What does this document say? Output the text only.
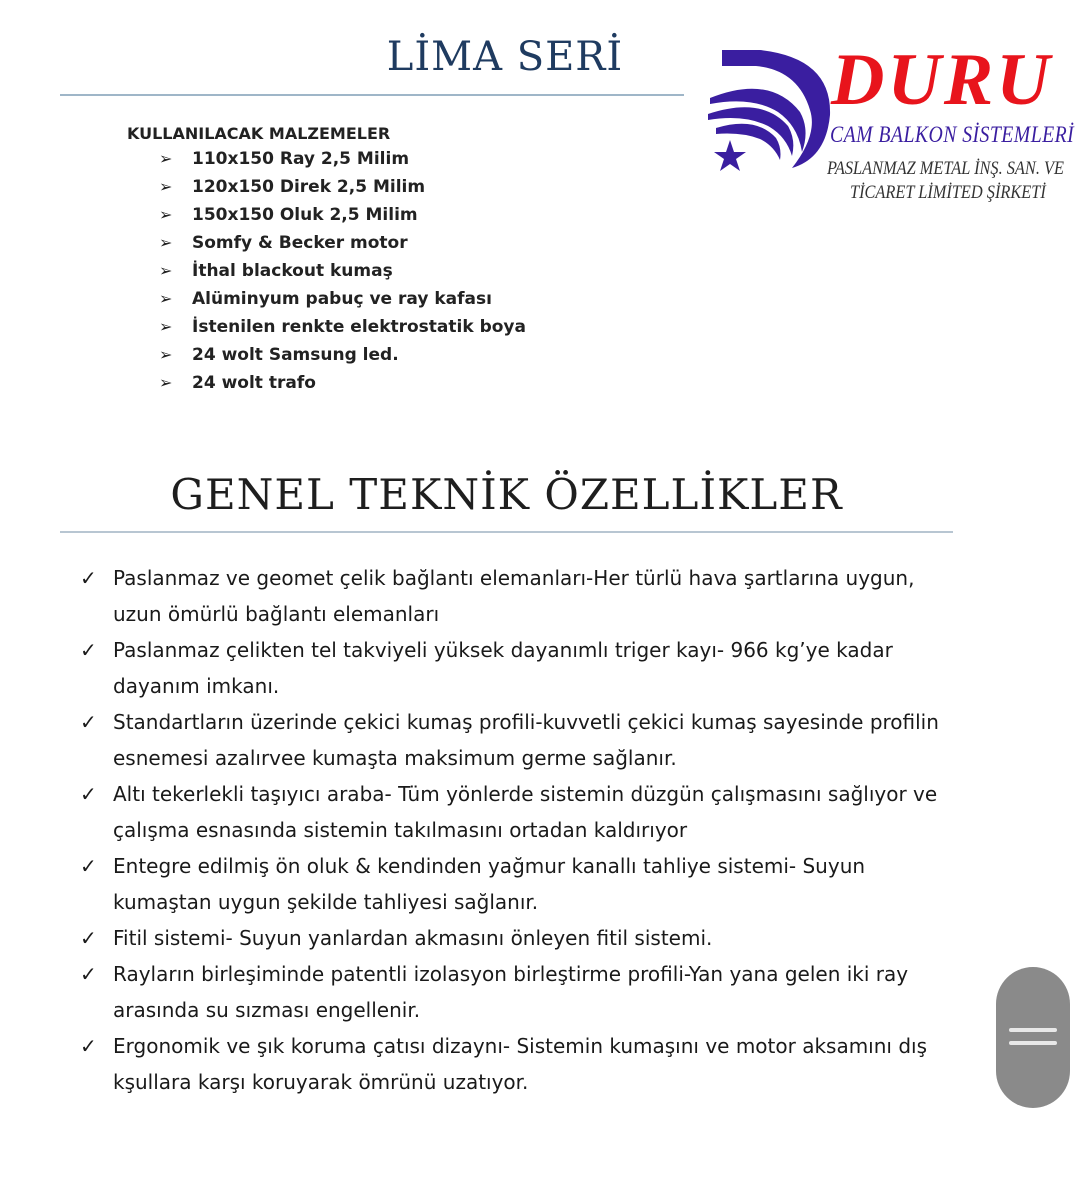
LİMA SERİ	DURU
CAM BALKON SİSTEMLERİ
PASLANMAZ METAL İNŞ. SAN. VE
TİCARET LİMİTED ŞİRKETİ
KULLANILACAK MALZEMELER
➢ 110x150 Ray 2,5 Milim
➢ 120x150 Direk 2,5 Milim
➢ 150x150 Oluk 2,5 Milim
➢ Somfy & Becker motor
➢ İthal blackout kumaş
➢ Alüminyum pabuç ve ray kafası
➢ İstenilen renkte elektrostatik boya
➢ 24 wolt Samsung led.
➢ 24 wolt trafo
GENEL TEKNİK ÖZELLİKLER
✓ Paslanmaz ve geomet çelik bağlantı elemanları-Her türlü hava şartlarına uygun, uzun ömürlü bağlantı elemanları
✓ Paslanmaz çelikten tel takviyeli yüksek dayanımlı triger kayı- 966 kg’ye kadar dayanım imkanı.
✓ Standartların üzerinde çekici kumaş profili-kuvvetli çekici kumaş sayesinde profilin esnemesi azalırvee kumaşta maksimum germe sağlanır.
✓ Altı tekerlekli taşıyıcı araba- Tüm yönlerde sistemin düzgün çalışmasını sağlıyor ve çalışma esnasında sistemin takılmasını ortadan kaldırıyor
✓ Entegre edilmiş ön oluk & kendinden yağmur kanallı tahliye sistemi- Suyun kumaştan uygun şekilde tahliyesi sağlanır.
✓ Fitil sistemi- Suyun yanlardan akmasını önleyen fitil sistemi.
✓ Rayların birleşiminde patentli izolasyon birleştirme profili-Yan yana gelen iki ray arasında su sızması engellenir.
✓ Ergonomik ve şık koruma çatısı dizaynı- Sistemin kumaşını ve motor aksamını dış kşullara karşı koruyarak ömrünü uzatıyor.
